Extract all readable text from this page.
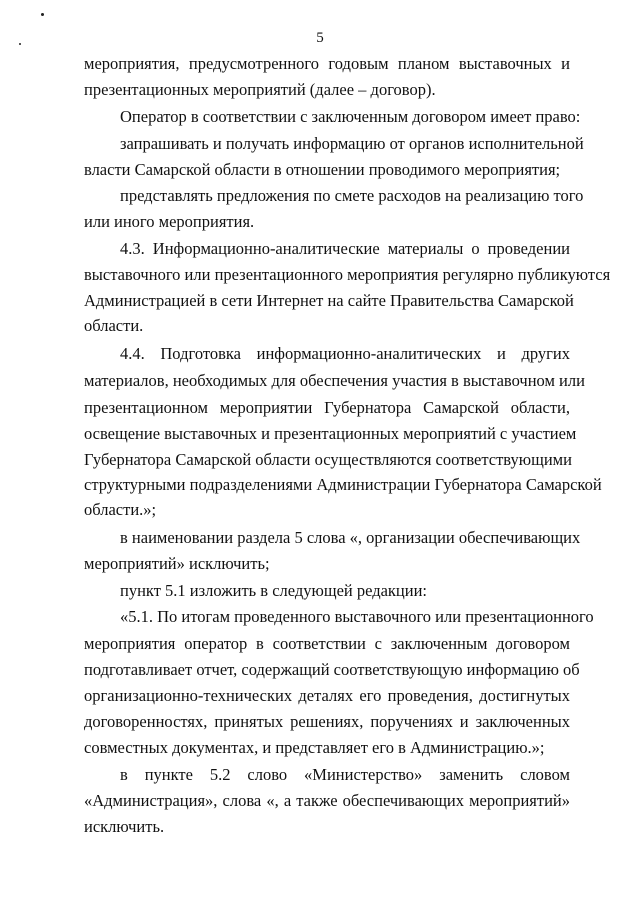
5
мероприятия, предусмотренного годовым планом выставочных и
презентационных мероприятий (далее – договор).
Оператор в соответствии с заключенным договором имеет право:
запрашивать и получать информацию от органов исполнительной
власти Самарской области в отношении проводимого мероприятия;
представлять предложения по смете расходов на реализацию того
или иного мероприятия.
4.3. Информационно-аналитические материалы о проведении
выставочного или презентационного мероприятия регулярно публикуются
Администрацией в сети Интернет на сайте Правительства Самарской
области.
4.4. Подготовка информационно-аналитических и других
материалов, необходимых для обеспечения участия в выставочном или
презентационном мероприятии Губернатора Самарской области,
освещение выставочных и презентационных мероприятий с участием
Губернатора Самарской области осуществляются соответствующими
структурными подразделениями Администрации Губернатора Самарской
области.»;
в наименовании раздела 5 слова «, организации обеспечивающих
мероприятий» исключить;
пункт 5.1 изложить в следующей редакции:
«5.1. По итогам проведенного выставочного или презентационного
мероприятия оператор в соответствии с заключенным договором
подготавливает отчет, содержащий соответствующую информацию об
организационно-технических деталях его проведения, достигнутых
договоренностях, принятых решениях, поручениях и заключенных
совместных документах, и представляет его в Администрацию.»;
в пункте 5.2 слово «Министерство» заменить словом
«Администрация», слова «, а также обеспечивающих мероприятий»
исключить.
